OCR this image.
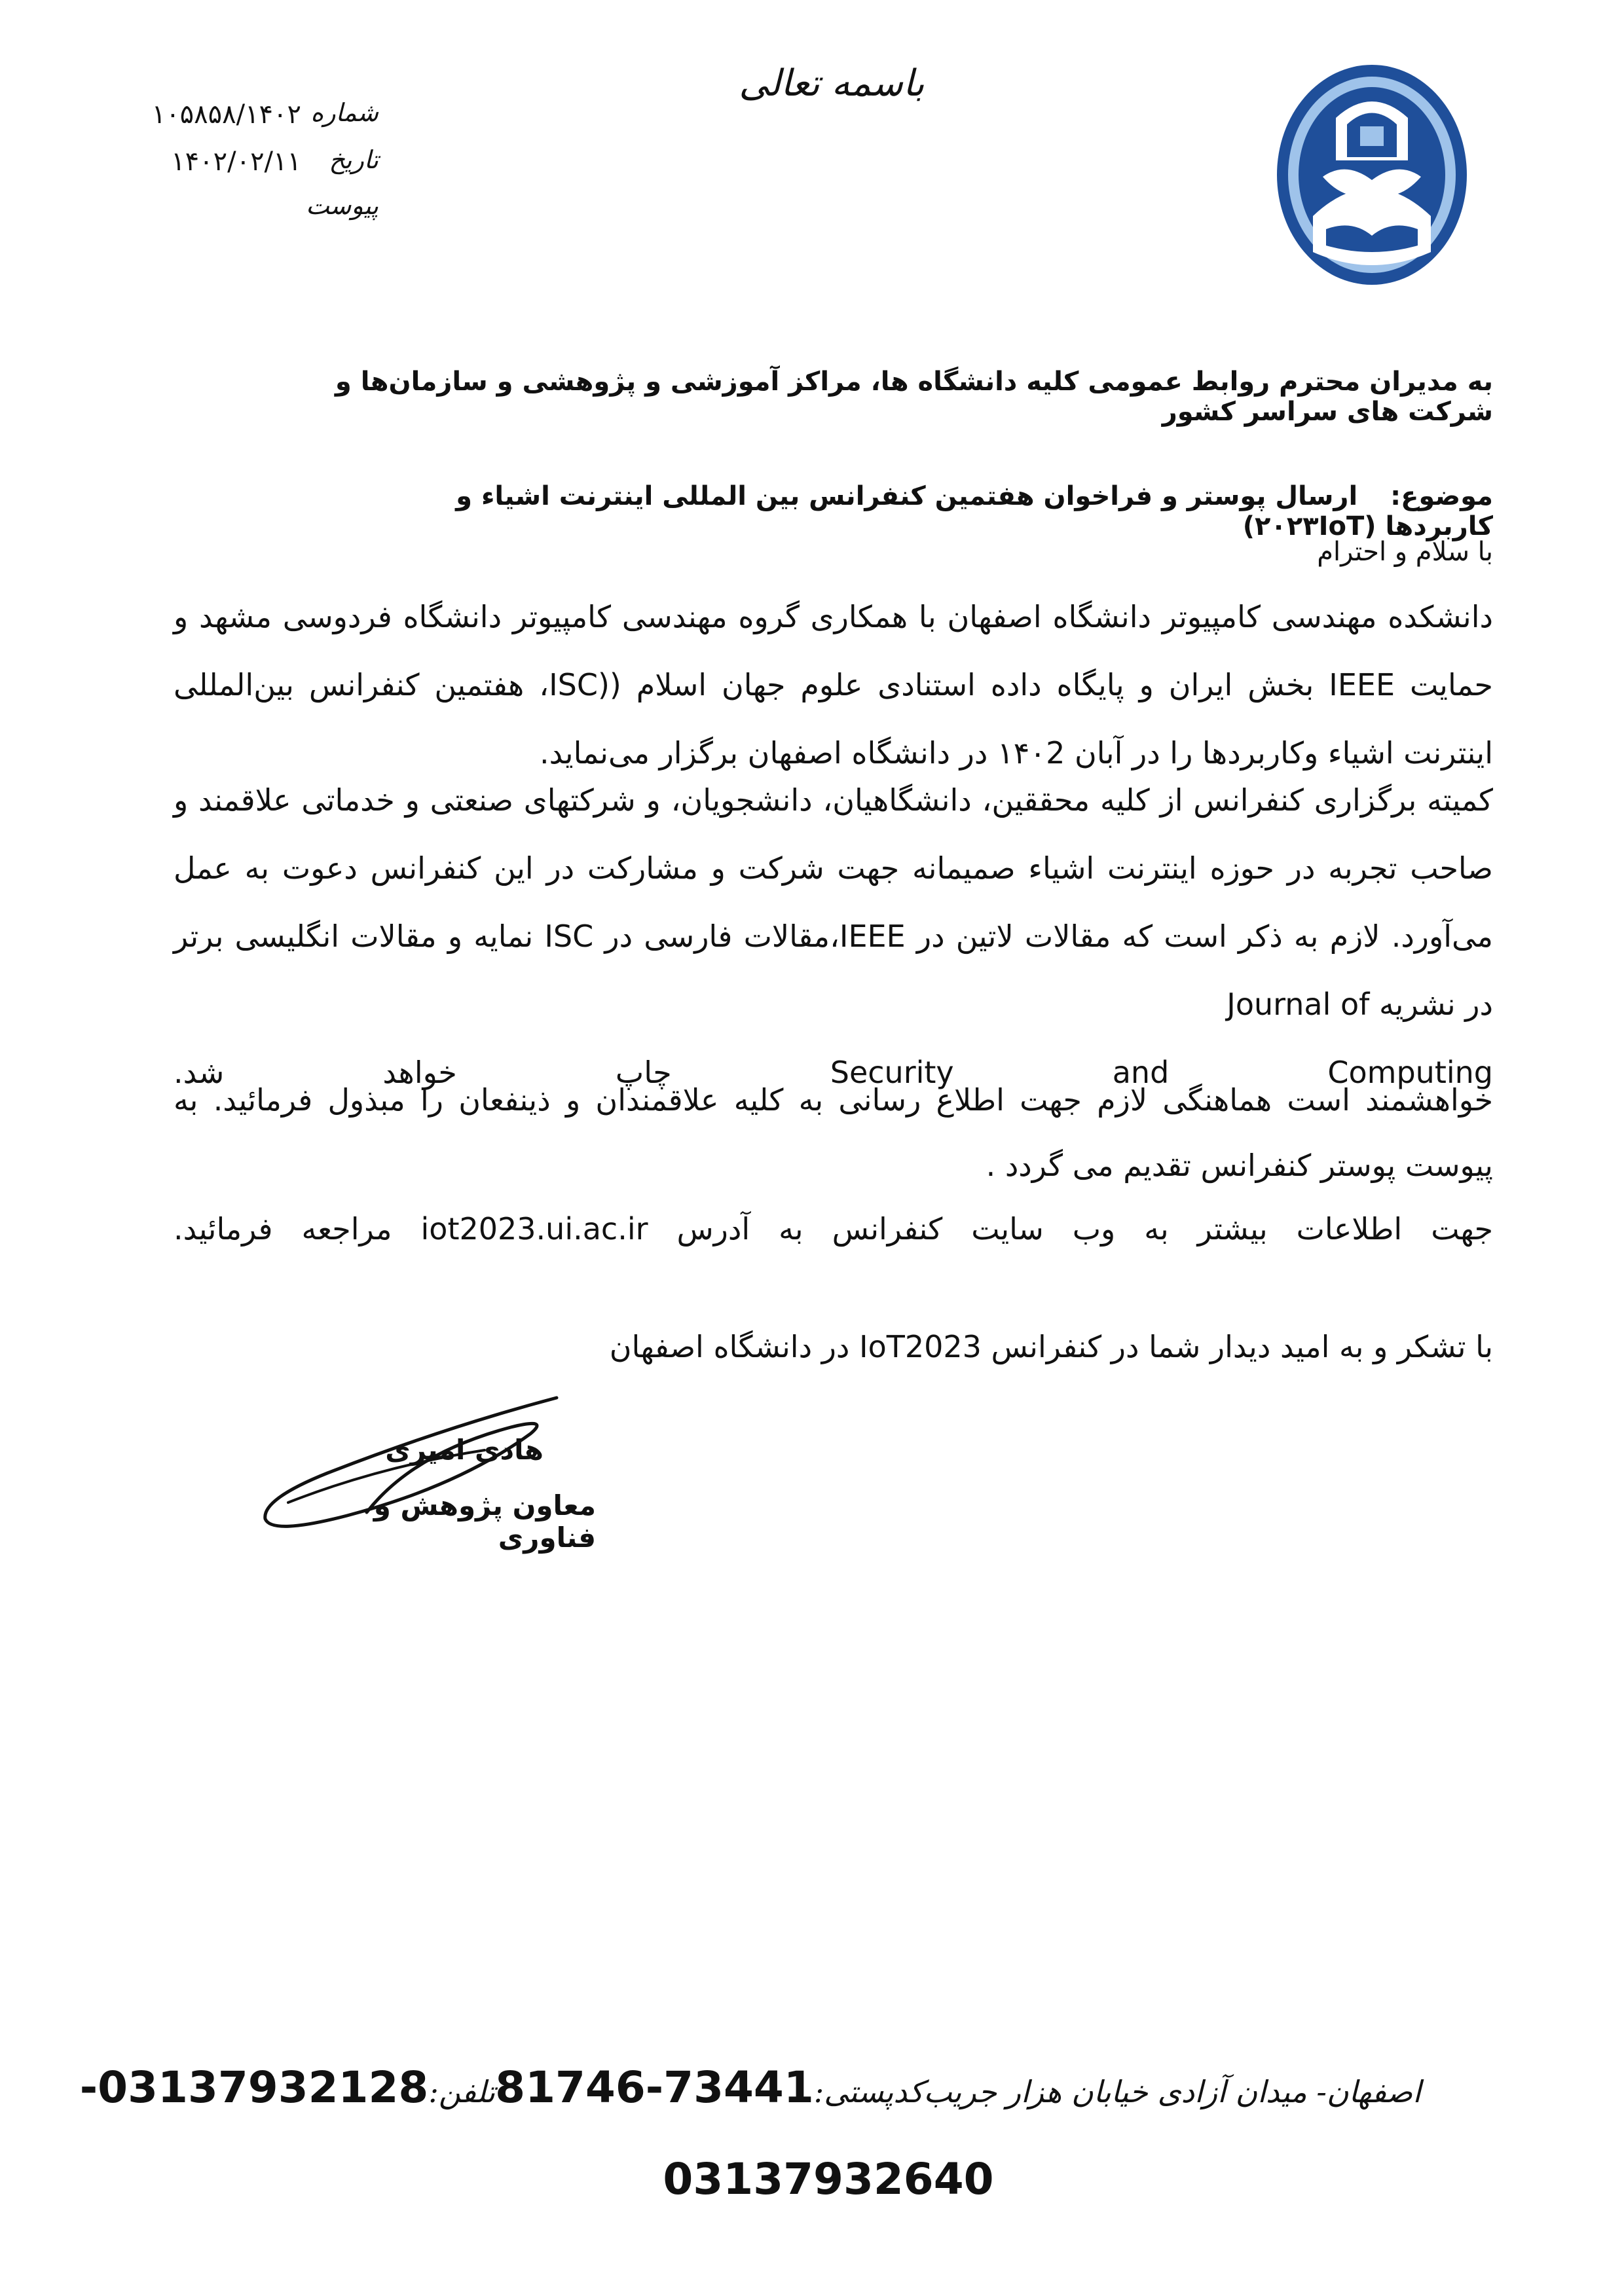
باسمه تعالی
شماره
۱۰۵۸۵۸/۱۴۰۲
تاریخ
۱۴۰۲/۰۲/۱۱
پیوست
به مدیران محترم روابط عمومی کلیه دانشگاه ها، مراکز آموزشی و پژوهشی و سازمان‌ها و شرکت های سراسر کشور
موضوع: ارسال پوستر و فراخوان هفتمین کنفرانس بین المللی اینترنت اشیاء و کاربردها (۲۰۲۳IoT)
با سلام و احترام
دانشکده مهندسی کامپیوتر دانشگاه اصفهان با همکاری گروه مهندسی کامپیوتر دانشگاه فردوسی مشهد و حمایت IEEE بخش ایران و پایگاه داده استنادی علوم جهان اسلام ((ISC، هفتمین کنفرانس بین‌المللی اینترنت اشیاء وکاربردها را در آبان ۱۴۰2 در دانشگاه اصفهان برگزار می‌نماید.
کمیته برگزاری کنفرانس از کلیه محققین، دانشگاهیان، دانشجویان، و شرکتهای صنعتی و خدماتی علاقمند و صاحب تجربه در حوزه اینترنت اشیاء صمیمانه جهت شرکت و مشارکت در این کنفرانس دعوت به عمل می‌آورد. لازم به ذکر است که مقالات لاتین در IEEE،مقالات فارسی در ISC نمایه و مقالات انگلیسی برتر در نشریه Journal of
Security and Computing چاپ خواهد شد.
خواهشمند است هماهنگی لازم جهت اطلاع رسانی به کلیه علاقمندان و ذینفعان را مبذول فرمائید. به پیوست پوستر کنفرانس تقدیم می گردد .
جهت اطلاعات بیشتر به وب سایت کنفرانس به آدرس iot2023.ui.ac.ir مراجعه فرمائید.
با تشکر و به امید دیدار شما در کنفرانس IoT2023 در دانشگاه اصفهان
هادی امیری
معاون پژوهش و فناوری
اصفهان- میدان آزادی خیابان هزار جریب
کدپستی:
81746-73441
تلفن:
-03137932128
03137932640
